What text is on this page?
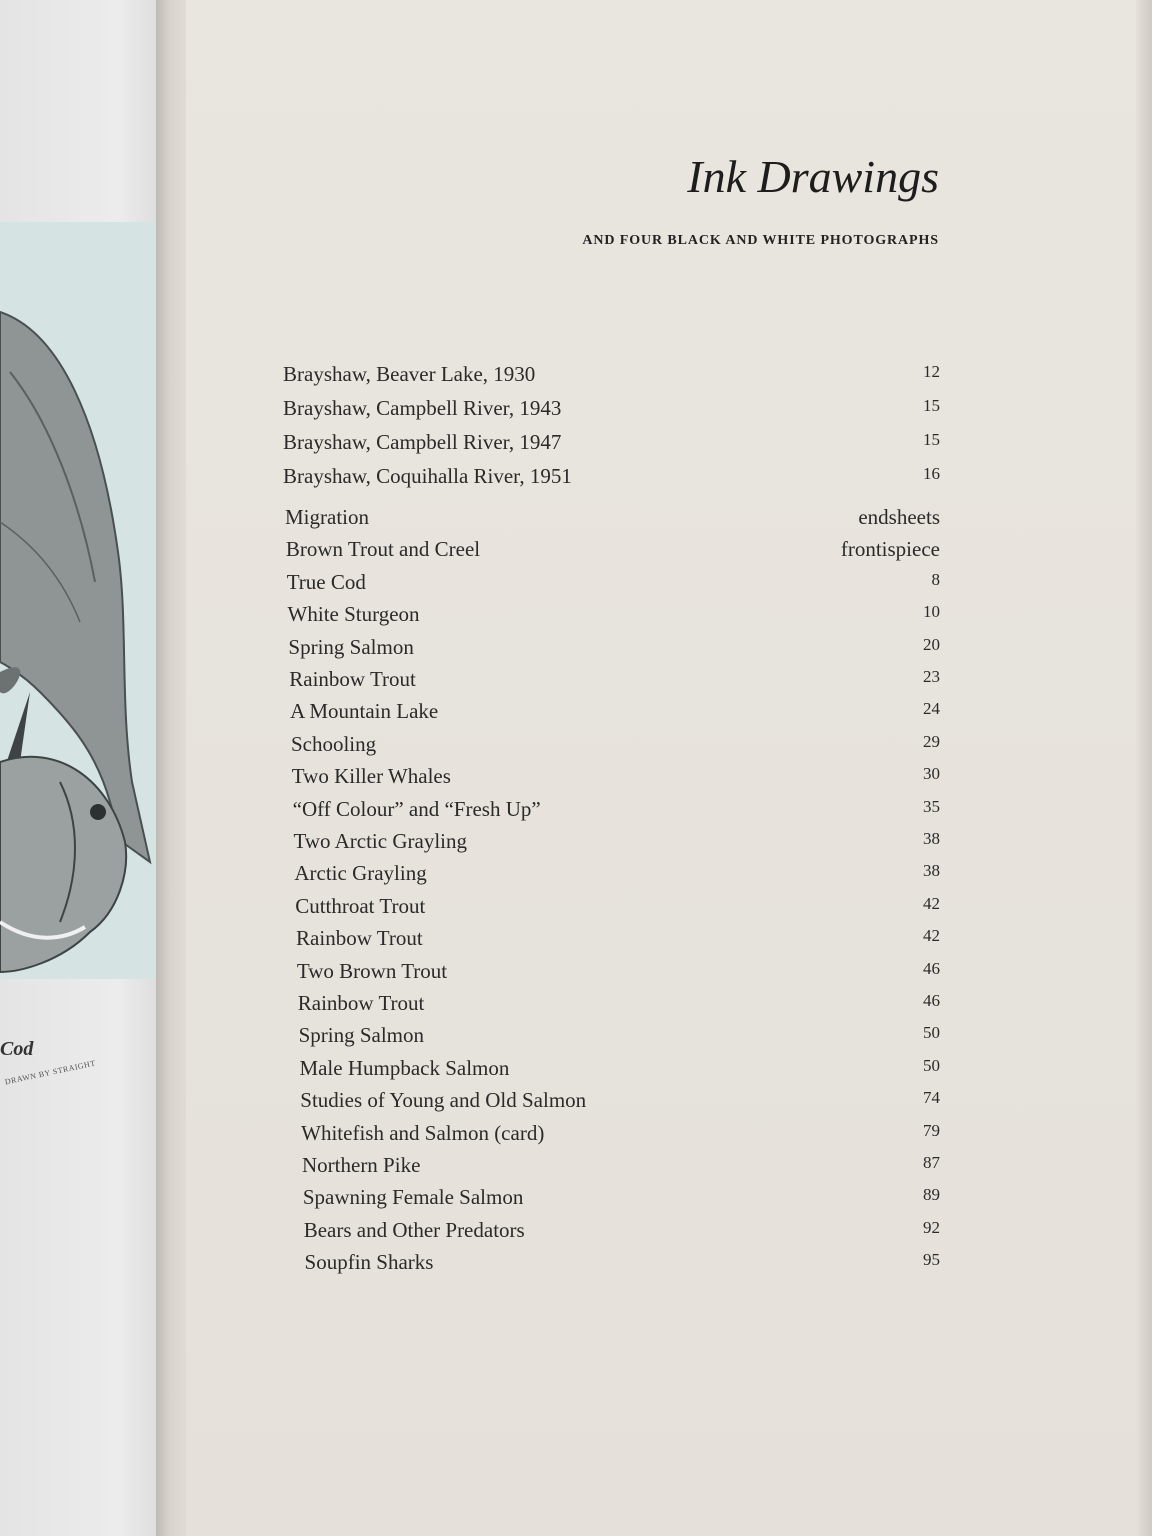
Cod
DRAWN BY STRAIGHT
Ink Drawings
AND FOUR BLACK AND WHITE PHOTOGRAPHS
Brayshaw, Beaver Lake, 1930	12
Brayshaw, Campbell River, 1943	15
Brayshaw, Campbell River, 1947	15
Brayshaw, Coquihalla River, 1951	16
Migration	endsheets
Brown Trout and Creel	frontispiece
True Cod	8
White Sturgeon	10
Spring Salmon	20
Rainbow Trout	23
A Mountain Lake	24
Schooling	29
Two Killer Whales	30
“Off Colour” and “Fresh Up”	35
Two Arctic Grayling	38
Arctic Grayling	38
Cutthroat Trout	42
Rainbow Trout	42
Two Brown Trout	46
Rainbow Trout	46
Spring Salmon	50
Male Humpback Salmon	50
Studies of Young and Old Salmon	74
Whitefish and Salmon (card)	79
Northern Pike	87
Spawning Female Salmon	89
Bears and Other Predators	92
Soupfin Sharks	95
